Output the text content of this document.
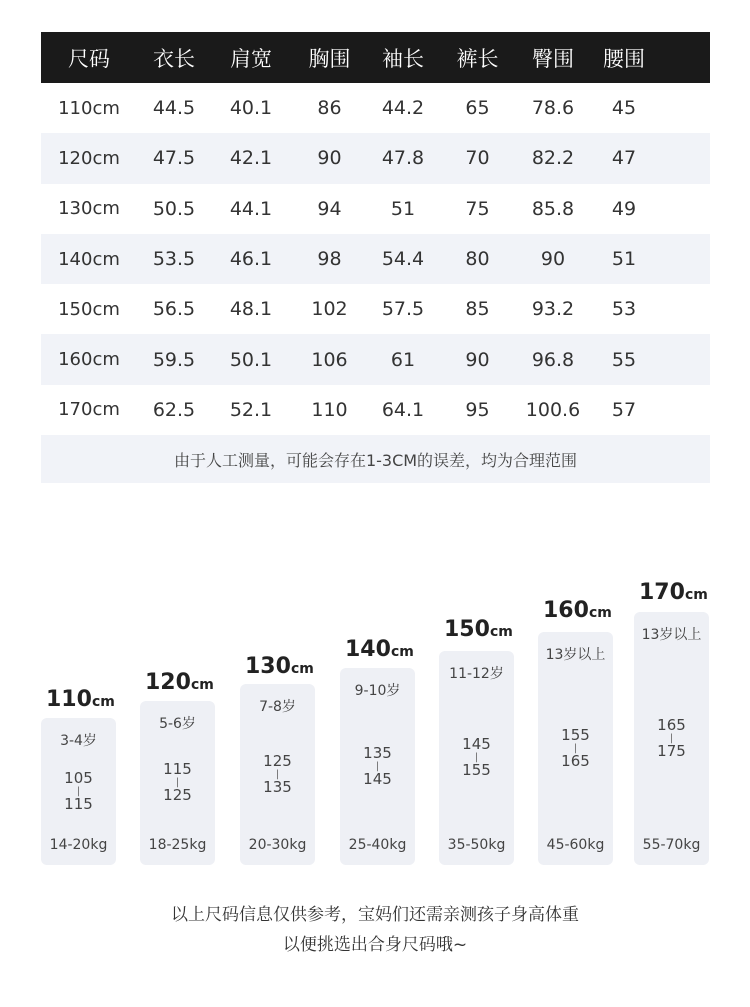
尺码	衣长	肩宽	胸围	袖长	裤长	臀围	腰围
110cm	44.5	40.1	86	44.2	65	78.6	45
120cm	47.5	42.1	90	47.8	70	82.2	47
130cm	50.5	44.1	94	51	75	85.8	49
140cm	53.5	46.1	98	54.4	80	90	51
150cm	56.5	48.1	102	57.5	85	93.2	53
160cm	59.5	50.1	106	61	90	96.8	55
170cm	62.5	52.1	110	64.1	95	100.6	57
由于人工测量，可能会存在1-3CM的误差，均为合理范围
110cm
3-4岁
105
|
115
14-20kg
120cm
5-6岁
115
|
125
18-25kg
130cm
7-8岁
125
|
135
20-30kg
140cm
9-10岁
135
|
145
25-40kg
150cm
11-12岁
145
|
155
35-50kg
160cm
13岁以上
155
|
165
45-60kg
170cm
13岁以上
165
|
175
55-70kg
以上尺码信息仅供参考，宝妈们还需亲测孩子身高体重
以便挑选出合身尺码哦~
